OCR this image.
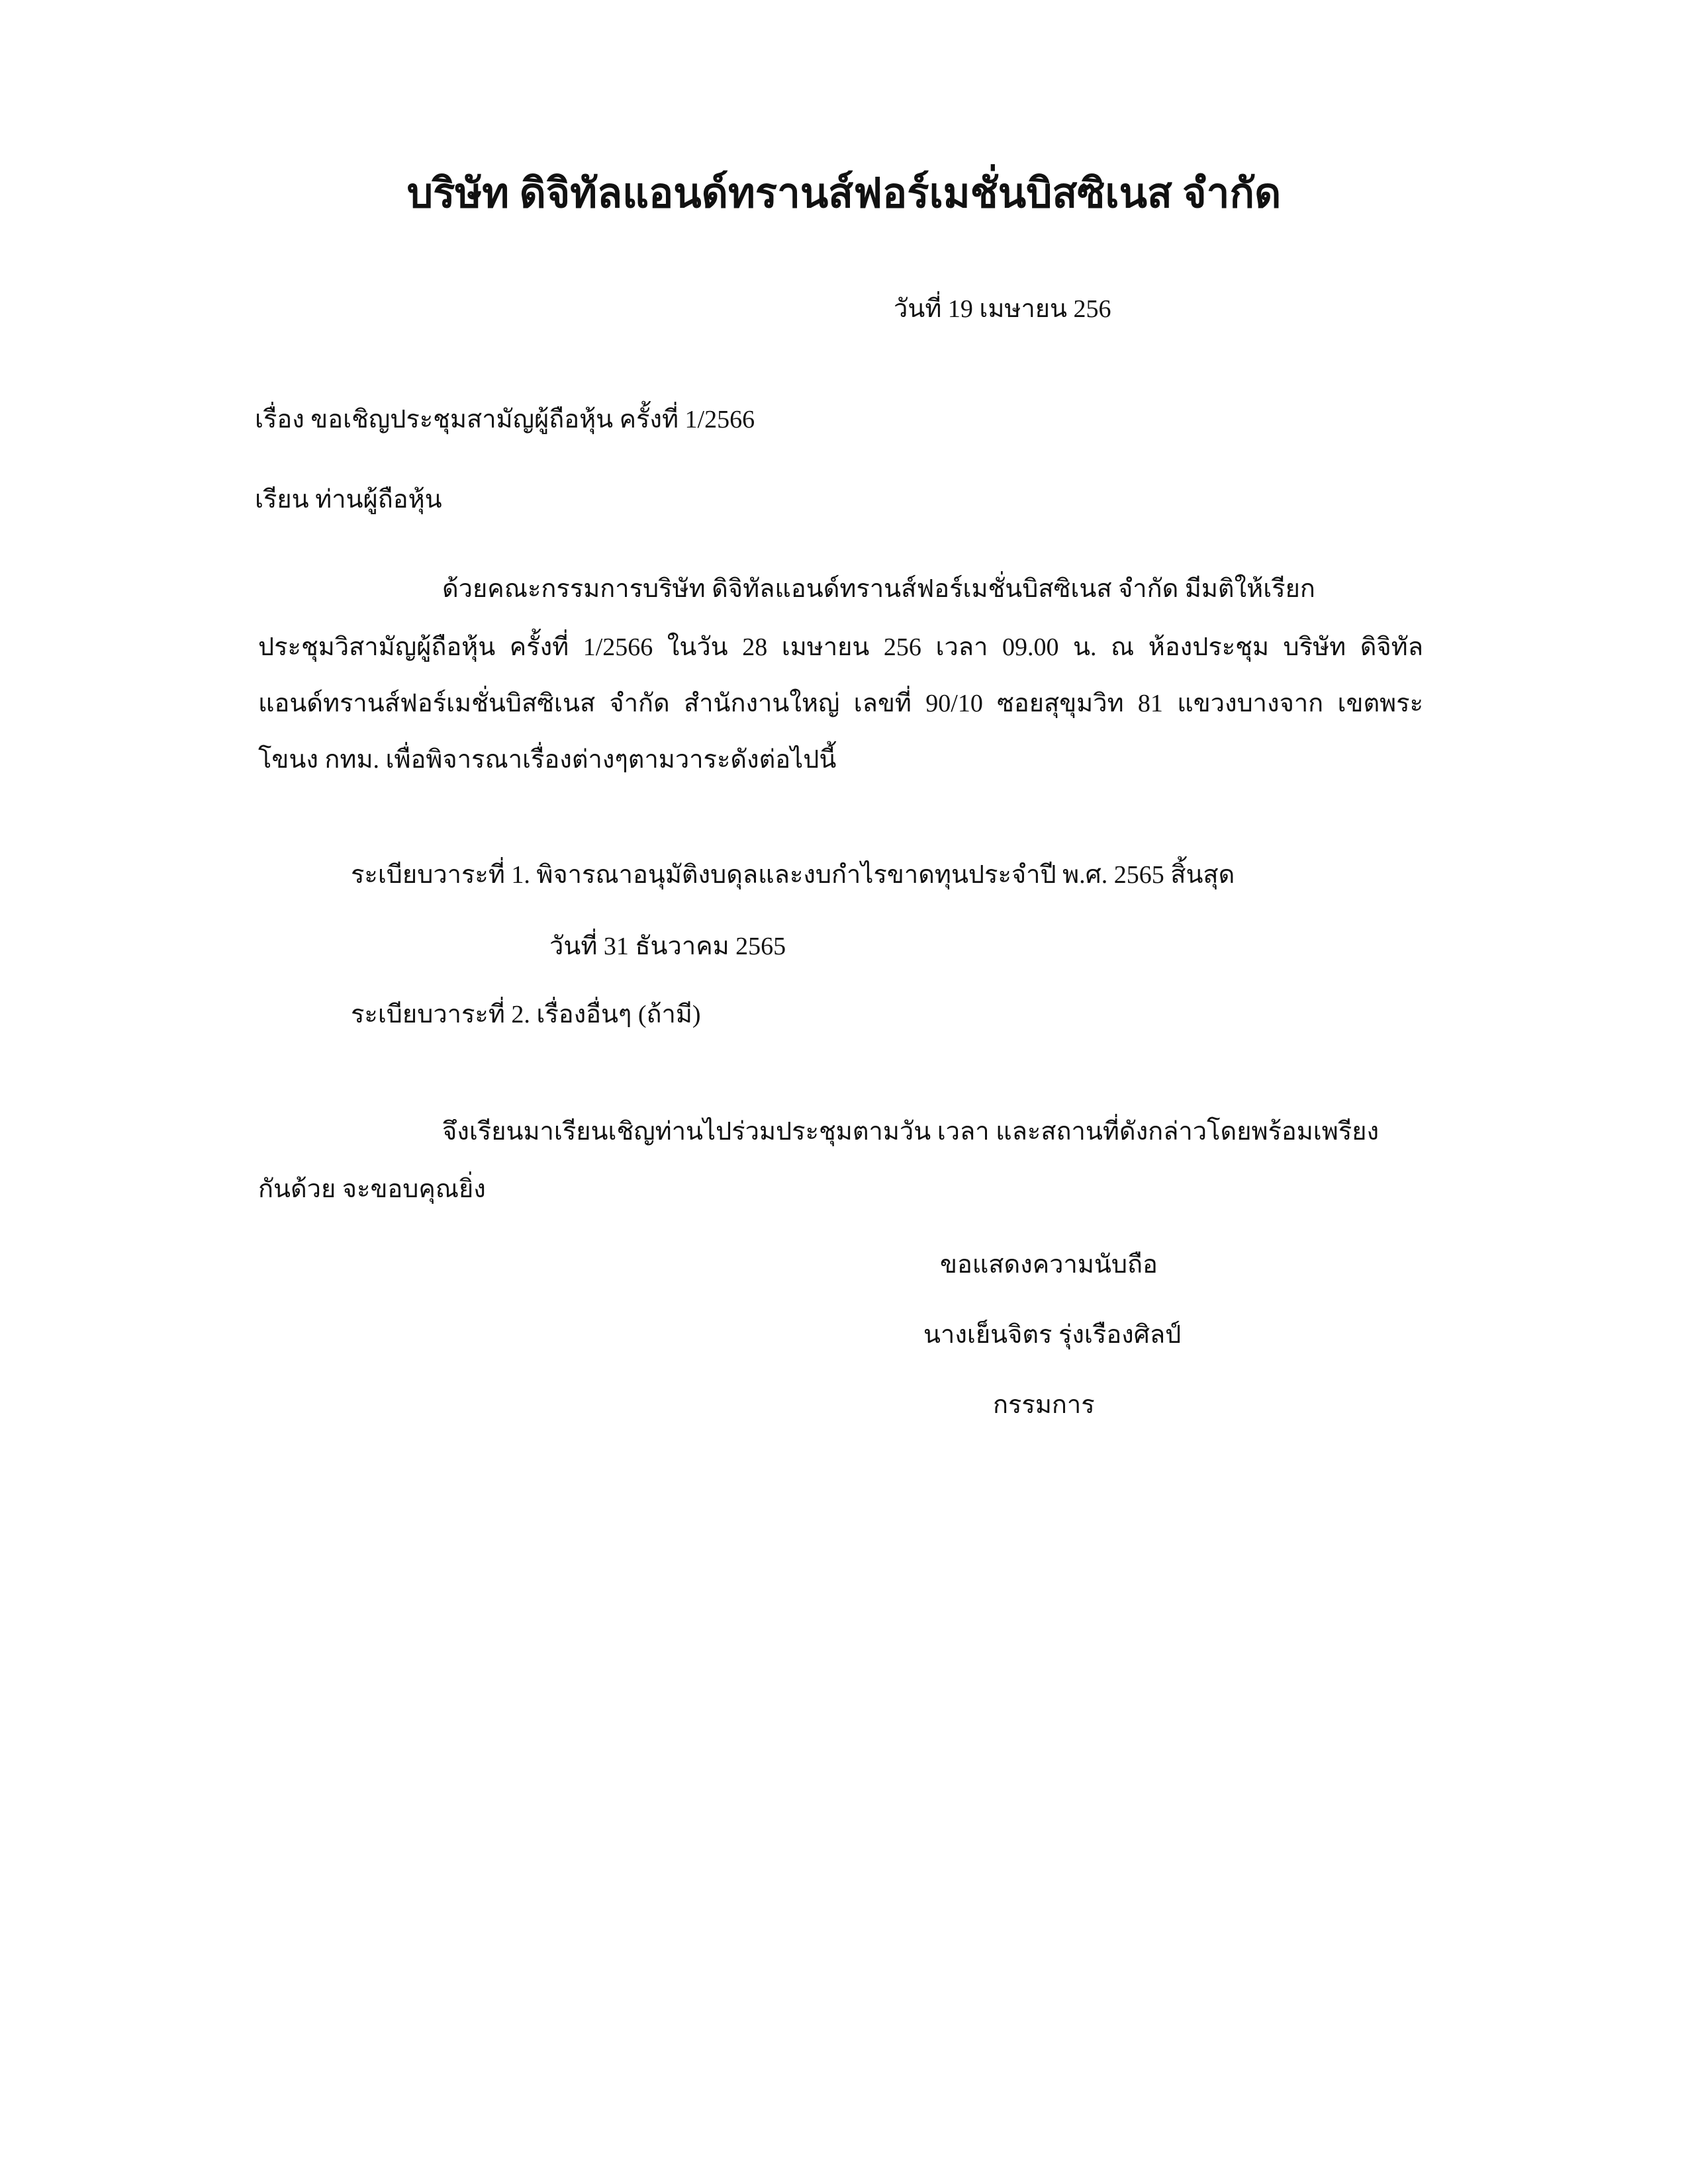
บริษัท ดิจิทัลแอนด์ทรานส์ฟอร์เมชั่นบิสซิเนส จำกัด
วันที่ 19 เมษายน 256
เรื่อง ขอเชิญประชุมสามัญผู้ถือหุ้น ครั้งที่ 1/2566
เรียน ท่านผู้ถือหุ้น
ด้วยคณะกรรมการบริษัท ดิจิทัลแอนด์ทรานส์ฟอร์เมชั่นบิสซิเนส จำกัด มีมติให้เรียก
ประชุมวิสามัญผู้ถือหุ้น ครั้งที่ 1/2566 ในวัน 28 เมษายน 256 เวลา 09.00 น. ณ ห้องประชุม บริษัท ดิจิทัล
แอนด์ทรานส์ฟอร์เมชั่นบิสซิเนส จำกัด สำนักงานใหญ่ เลขที่ 90/10 ซอยสุขุมวิท 81 แขวงบางจาก เขตพระ
โขนง กทม. เพื่อพิจารณาเรื่องต่างๆตามวาระดังต่อไปนี้
ระเบียบวาระที่ 1. พิจารณาอนุมัติงบดุลและงบกำไรขาดทุนประจำปี พ.ศ. 2565 สิ้นสุด
วันที่ 31 ธันวาคม 2565
ระเบียบวาระที่ 2. เรื่องอื่นๆ (ถ้ามี)
จึงเรียนมาเรียนเชิญท่านไปร่วมประชุมตามวัน เวลา และสถานที่ดังกล่าวโดยพร้อมเพรียง
กันด้วย จะขอบคุณยิ่ง
ขอแสดงความนับถือ
นางเย็นจิตร รุ่งเรืองศิลป์
กรรมการ
